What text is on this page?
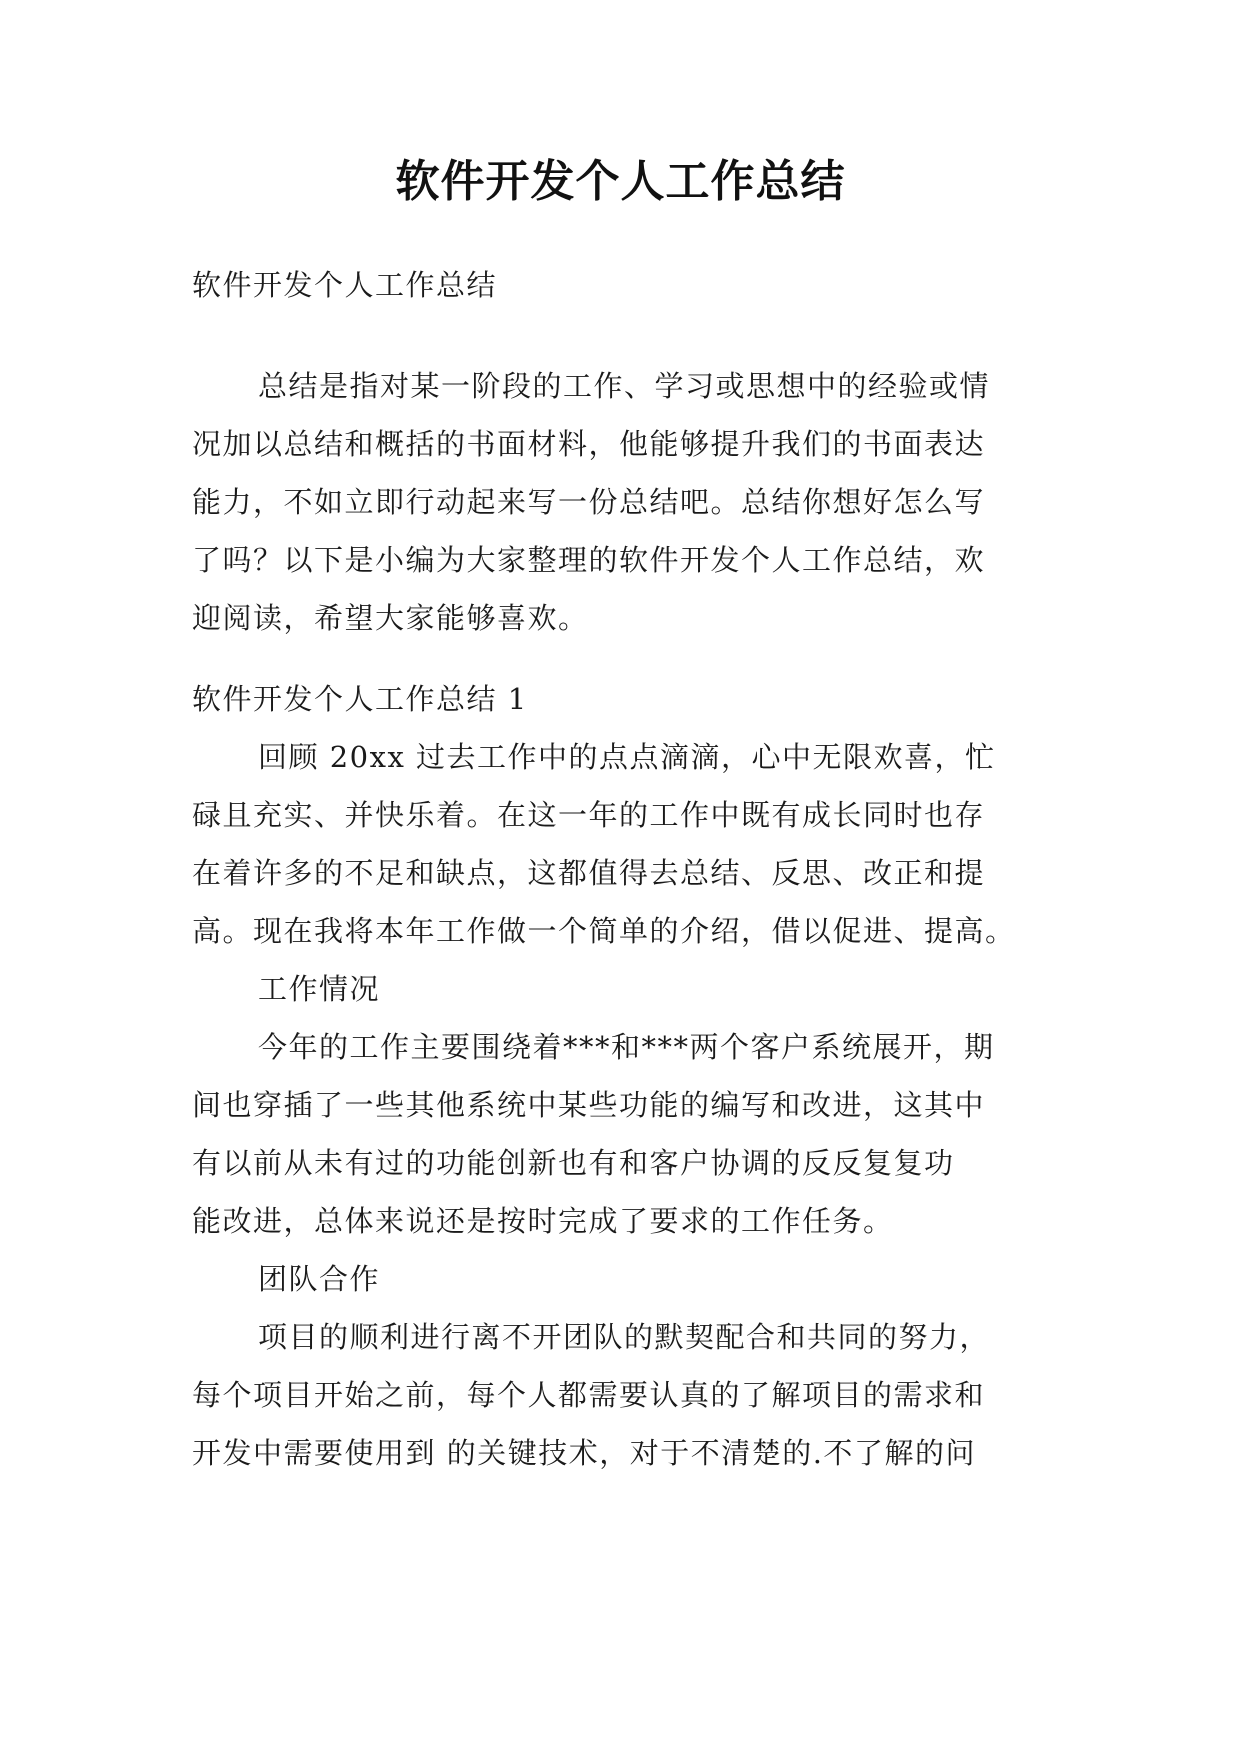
软件开发个人工作总结
软件开发个人工作总结
总结是指对某一阶段的工作、学习或思想中的经验或情
况加以总结和概括的书面材料，他能够提升我们的书面表达
能力，不如立即行动起来写一份总结吧。总结你想好怎么写
了吗？以下是小编为大家整理的软件开发个人工作总结，欢
迎阅读，希望大家能够喜欢。
软件开发个人工作总结 1
回顾 20xx 过去工作中的点点滴滴，心中无限欢喜，忙
碌且充实、并快乐着。在这一年的工作中既有成长同时也存
在着许多的不足和缺点，这都值得去总结、反思、改正和提
高。现在我将本年工作做一个简单的介绍，借以促进、提高。
工作情况
今年的工作主要围绕着***和***两个客户系统展开，期
间也穿插了一些其他系统中某些功能的编写和改进，这其中
有以前从未有过的功能创新也有和客户协调的反反复复功
能改进，总体来说还是按时完成了要求的工作任务。
团队合作
项目的顺利进行离不开团队的默契配合和共同的努力，
每个项目开始之前，每个人都需要认真的了解项目的需求和
开发中需要使用到 的关键技术，对于不清楚的.不了解的问
